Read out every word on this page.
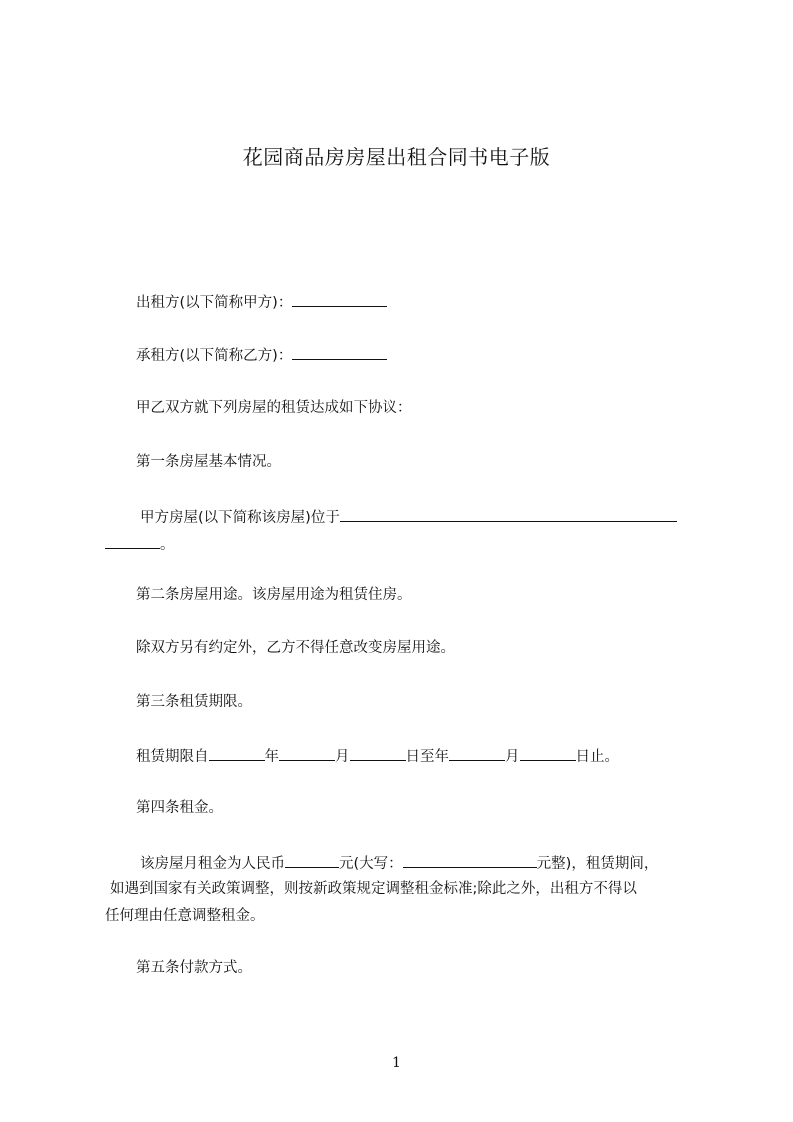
花园商品房房屋出租合同书电子版
出租方(以下简称甲方)：
承租方(以下简称乙方)：
甲乙双方就下列房屋的租赁达成如下协议：
第一条房屋基本情况。
甲方房屋(以下简称该房屋)位于
。
第二条房屋用途。该房屋用途为租赁住房。
除双方另有约定外，乙方不得任意改变房屋用途。
第三条租赁期限。
租赁期限自	年	月	日至年	月	日止。
第四条租金。
该房屋月租金为人民币	元(大写：	元整)，租赁期间，
如遇到国家有关政策调整，则按新政策规定调整租金标准;除此之外，出租方不得以
任何理由任意调整租金。
第五条付款方式。
1
